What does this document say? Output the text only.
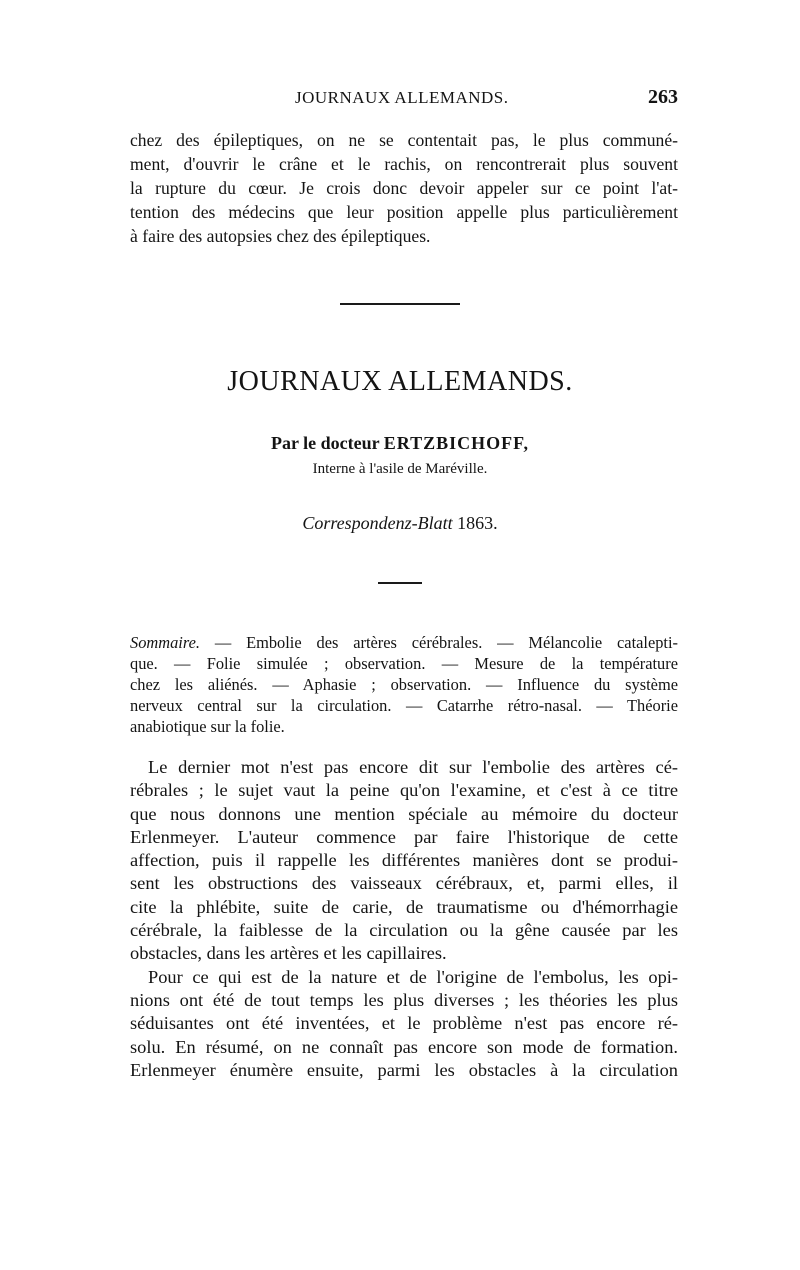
JOURNAUX ALLEMANDS.	263
chez des épileptiques, on ne se contentait pas, le plus communé-
ment, d'ouvrir le crâne et le rachis, on rencontrerait plus souvent
la rupture du cœur. Je crois donc devoir appeler sur ce point l'at-
tention des médecins que leur position appelle plus particulièrement
à faire des autopsies chez des épileptiques.
JOURNAUX ALLEMANDS.
Par le docteur ERTZBICHOFF,
Interne à l'asile de Maréville.
Correspondenz-Blatt 1863.
Sommaire. — Embolie des artères cérébrales. — Mélancolie catalepti-
que. — Folie simulée ; observation. — Mesure de la température
chez les aliénés. — Aphasie ; observation. — Influence du système
nerveux central sur la circulation. — Catarrhe rétro-nasal. — Théorie
anabiotique sur la folie.
Le dernier mot n'est pas encore dit sur l'embolie des artères cé-
rébrales ; le sujet vaut la peine qu'on l'examine, et c'est à ce titre
que nous donnons une mention spéciale au mémoire du docteur
Erlenmeyer. L'auteur commence par faire l'historique de cette
affection, puis il rappelle les différentes manières dont se produi-
sent les obstructions des vaisseaux cérébraux, et, parmi elles, il
cite la phlébite, suite de carie, de traumatisme ou d'hémorrhagie
cérébrale, la faiblesse de la circulation ou la gêne causée par les
obstacles, dans les artères et les capillaires.
Pour ce qui est de la nature et de l'origine de l'embolus, les opi-
nions ont été de tout temps les plus diverses ; les théories les plus
séduisantes ont été inventées, et le problème n'est pas encore ré-
solu. En résumé, on ne connaît pas encore son mode de formation.
Erlenmeyer énumère ensuite, parmi les obstacles à la circulation
